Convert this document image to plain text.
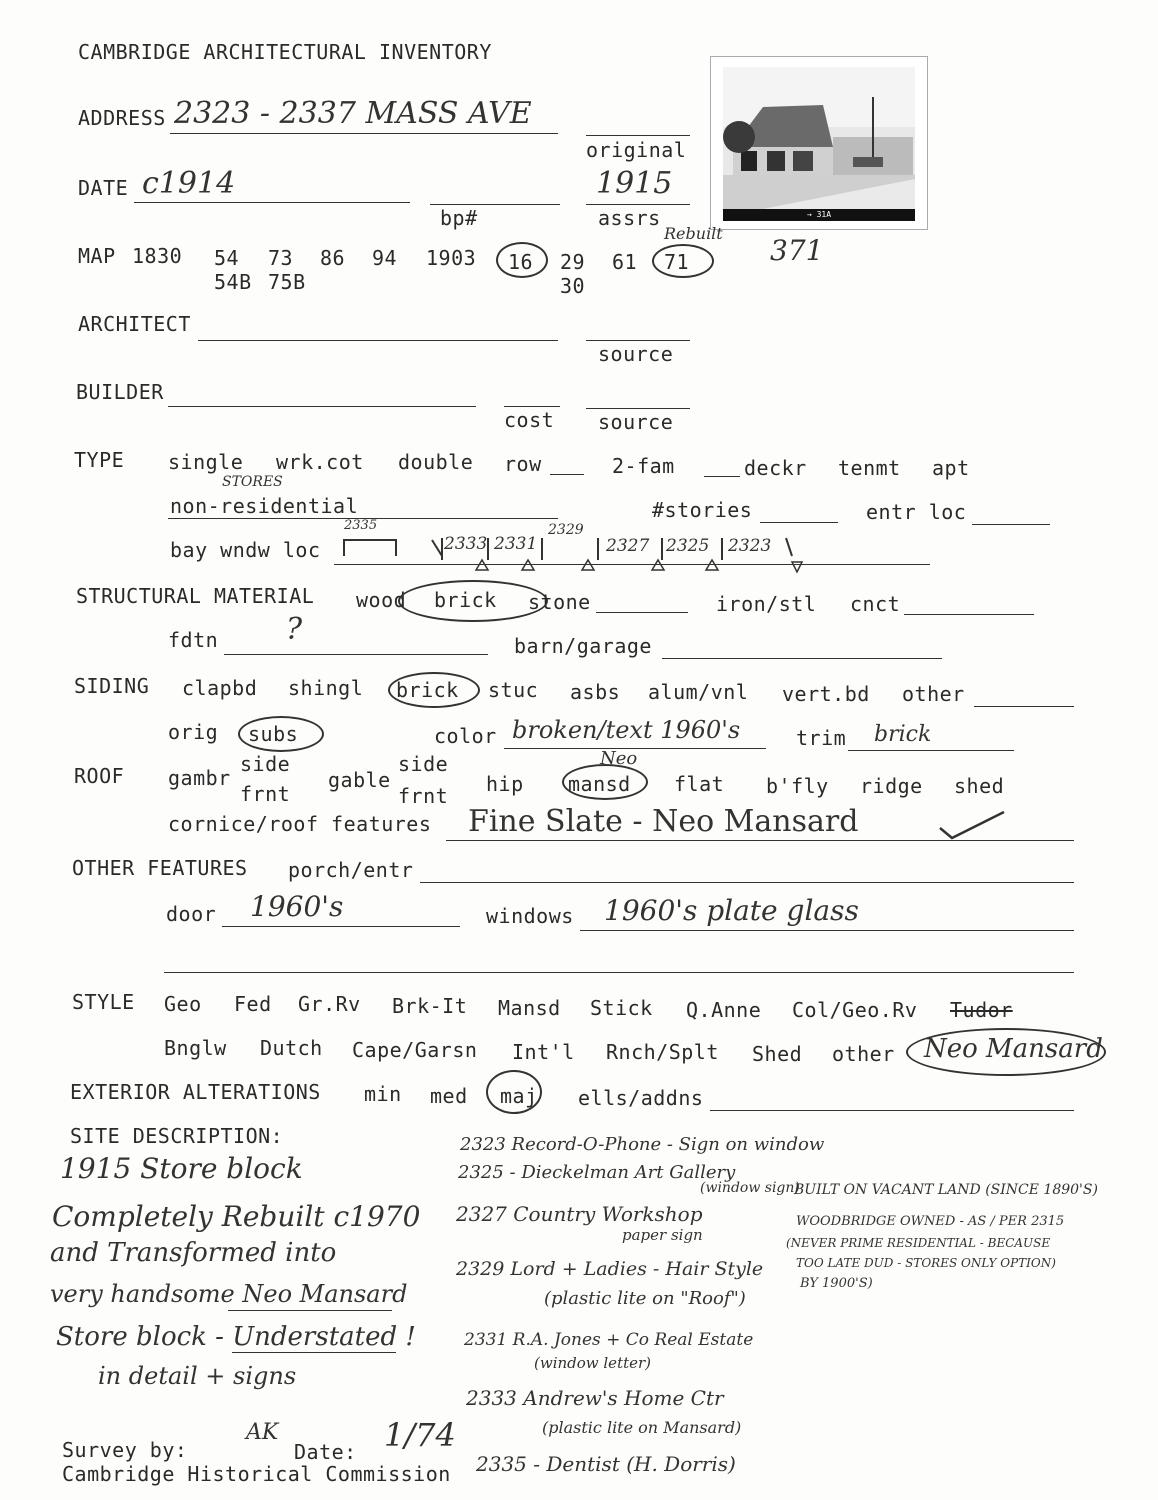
CAMBRIDGE ARCHITECTURAL INVENTORY
→ 31A
ADDRESS 2323 - 2337 MASS AVE
original
DATE c1914
bp#
1915
assrs
MAP 1830 54 73 86 94 1903 16 29 61 71
Rebuilt
371
54B 75B	30
ARCHITECT
source
BUILDER
cost source
TYPE single wrk.cot double row	2-fam	deckr tenmt apt
STORES
non-residential	#stories	entr loc
bay wndw loc
2335
2333 2331
2329
2327 2325 2323
STRUCTURAL MATERIAL wood brick stone	iron/stl cnct
fdtn ?	barn/garage
SIDING clapbd shingl brick stuc asbs alum/vnl vert.bd other
orig subs	color broken/text 1960's	trim brick
ROOF gambr
side
frnt
gable
side
frnt hip mansd
Neo
flat b'fly ridge shed
cornice/roof features Fine Slate - Neo Mansard
OTHER FEATURES porch/entr
door 1960's	windows 1960's plate glass
STYLE Geo Fed Gr.Rv Brk-It Mansd Stick Q.Anne Col/Geo.Rv Tudor
Bnglw Dutch Cape/Garsn Int'l Rnch/Splt Shed other Neo Mansard
EXTERIOR ALTERATIONS min med maj ells/addns
SITE DESCRIPTION:
1915 Store block
Completely Rebuilt c1970
and Transformed into
very handsome Neo Mansard
Store block - Understated !
in detail + signs
2323 Record-O-Phone - Sign on window
2325 - Dieckelman Art Gallery
(window sign)
2327 Country Workshop
paper sign
2329 Lord + Ladies - Hair Style
(plastic lite on "Roof")
2331 R.A. Jones + Co Real Estate
(window letter)
2333 Andrew's Home Ctr
(plastic lite on Mansard)
2335 - Dentist (H. Dorris)
BUILT ON VACANT LAND (SINCE 1890'S)
WOODBRIDGE OWNED - AS / PER 2315
(NEVER PRIME RESIDENTIAL - BECAUSE
TOO LATE DUD - STORES ONLY OPTION)
BY 1900'S)
Survey by:
AK
Date: 1/74
Cambridge Historical Commission
